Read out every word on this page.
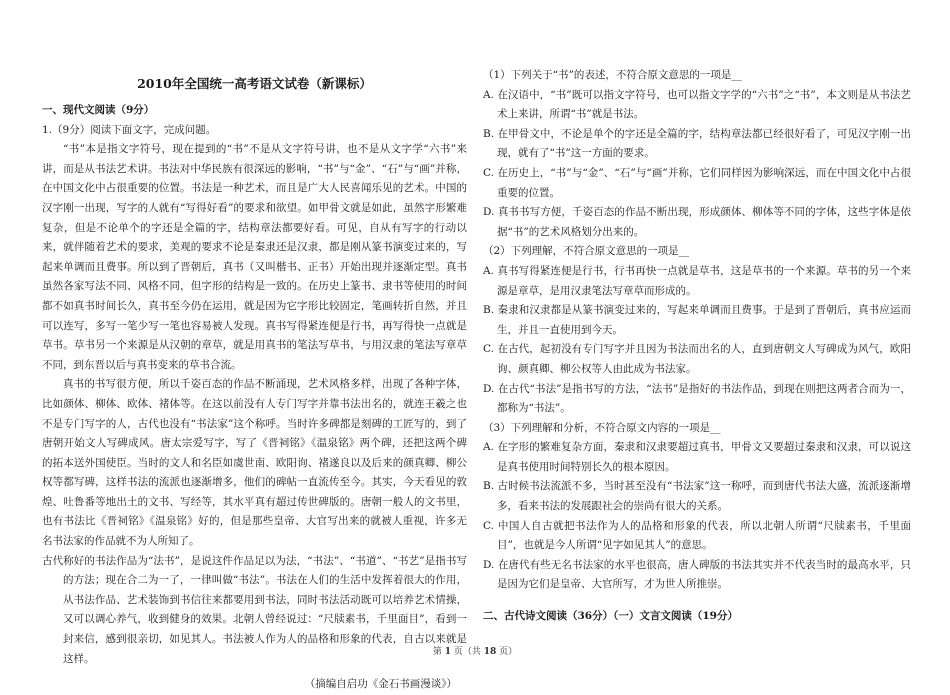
2010年全国统一高考语文试卷（新课标）
一、现代文阅读（9分）
1.（9分）阅读下面文字，完成问题。
“书”本是指文字符号，现在提到的“书”不是从文字符号讲，也不是从文字学“六书”来讲，而是从书法艺术讲。书法对中华民族有很深远的影响，“书”与“金”、“石”与“画”并称，在中国文化中占很重要的位置。书法是一种艺术，而且是广大人民喜闻乐见的艺术。中国的汉字刚一出现，写字的人就有“写得好看”的要求和欲望。如甲骨文就是如此，虽然字形繁难复杂，但是不论单个的字还是全篇的字，结构章法都要好看。可见，自从有写字的行动以来，就伴随着艺术的要求，美观的要求不论是秦隶还是汉隶，都是刚从篆书演变过来的，写起来单调而且费事。所以到了晋朝后，真书（又叫楷书、正书）开始出现并逐渐定型。真书虽然各家写法不同、风格不同，但字形的结构是一致的。在历史上篆书、隶书等使用的时间都不如真书时间长久，真书至今仍在运用，就是因为它字形比较固定，笔画转折自然，并且可以连写，多写一笔少写一笔也容易被人发现。真书写得紧连便是行书，再写得快一点就是草书。草书另一个来源是从汉朝的章草，就是用真书的笔法写草书，与用汉隶的笔法写章草不同，到东晋以后与真书变来的草书合流。
真书的书写很方便，所以千姿百态的作品不断涌现，艺术风格多样，出现了各种字体，比如颜体、柳体、欧体、褚体等。在这以前没有人专门写字并靠书法出名的，就连王羲之也不是专门写字的人，古代也没有“书法家”这个称呼。当时许多碑都是刻碑的工匠写的，到了唐朝开始文人写碑成风。唐太宗爱写字，写了《晋祠铭》《温泉铭》两个碑，还把这两个碑的拓本送外国使臣。当时的文人和名臣如虞世南、欧阳询、褚遂良以及后来的颜真卿、柳公权等都写碑，这样书法的流派也逐渐增多，他们的碑帖一直流传至今。其实，今天看见的敦煌、吐鲁番等地出土的文书、写经等，其水平真有超过传世碑版的。唐朝一般人的文书里，也有书法比《晋祠铭》《温泉铭》好的，但是那些皇帝、大官写出来的就被人重视，许多无名书法家的作品就不为人所知了。
古代称好的书法作品为“法书”，是说这件作品足以为法，“书法”、“书道”、“书艺”是指书写的方法；现在合二为一了，一律叫做“书法”。书法在人们的生活中发挥着很大的作用，从书法作品、艺术装饰到书信往来都要用到书法，同时书法活动既可以培养艺术情操，又可以调心养气，收到健身的效果。北朝人曾经说过：“尺牍素书，千里面目”，看到一封来信，感到很亲切，如见其人。书法被人作为人的品格和形象的代表，自古以来就是这样。
（摘编自启功《金石书画漫谈》）
（1）下列关于“书”的表述，不符合原文意思的一项是__
A. 在汉语中，“书”既可以指文字符号，也可以指文字学的“六书”之“书”，本文则是从书法艺术上来讲，所谓“书”就是书法。
B. 在甲骨文中，不论是单个的字还是全篇的字，结构章法都已经很好看了，可见汉字刚一出现，就有了“书”这一方面的要求。
C. 在历史上，“书”与“金”、“石”与“画”并称，它们同样因为影响深远，而在中国文化中占很重要的位置。
D. 真书书写方便，千姿百态的作品不断出现，形成颜体、柳体等不同的字体，这些字体是依据“书”的艺术风格划分出来的。
（2）下列理解，不符合原文意思的一项是__
A. 真书写得紧连便是行书，行书再快一点就是草书，这是草书的一个来源。草书的另一个来源是章草，是用汉隶笔法写章草而形成的。
B. 秦隶和汉隶都是从篆书演变过来的，写起来单调而且费事。于是到了晋朝后，真书应运而生，并且一直使用到今天。
C. 在古代，起初没有专门写字并且因为书法而出名的人，直到唐朝文人写碑成为风气，欧阳询、颜真卿、柳公权等人由此成为书法家。
D. 在古代“书法”是指书写的方法，“法书”是指好的书法作品，到现在则把这两者合而为一，都称为“书法”。
（3）下列理解和分析，不符合原文内容的一项是__
A. 在字形的繁难复杂方面，秦隶和汉隶要超过真书，甲骨文又要超过秦隶和汉隶，可以说这是真书使用时间特别长久的根本原因。
B. 古时候书法流派不多，当时甚至没有“书法家”这一称呼，而到唐代书法大盛，流派逐渐增多，看来书法的发展跟社会的崇尚有很大的关系。
C. 中国人自古就把书法作为人的品格和形象的代表，所以北朝人所谓“尺牍素书，千里面目”，也就是今人所谓“见字如见其人”的意思。
D. 在唐代有些无名书法家的水平也很高，唐人碑版的书法其实并不代表当时的最高水平，只是因为它们是皇帝、大官所写，才为世人所推崇。
二、古代诗文阅读（36分）（一）文言文阅读（19分）
第 1 页（共 18 页）
